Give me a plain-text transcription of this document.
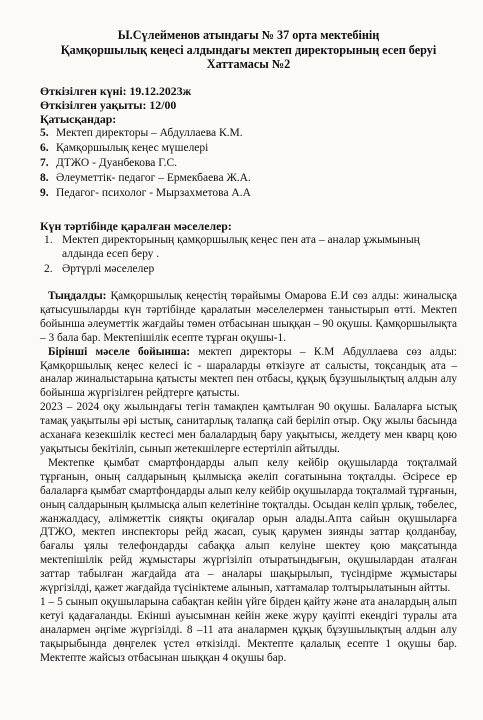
Ы.Сүлейменов атындағы № 37 орта мектебінің
Қамқоршылық кеңесі алдындағы мектеп директорының есеп беруі
Хаттамасы №2
Өткізілген күні: 19.12.2023ж
Өткізілген уақыты: 12/00
Қатысқандар:
5. Мектеп директоры – Абдуллаева К.М.
6. Қамқоршылық кеңес мүшелері
7. ДТЖО - Дуанбекова Г.С.
8. Әлеуметтік- педагог – Ермекбаева Ж.А.
9. Педагог- психолог - Мырзахметова А.А
Күн тәртібінде қаралған мәселелер:
1. Мектеп директорының қамқоршылық кеңес пен ата – аналар ұжымының алдында есеп беру .
2. Әртүрлі мәселелер

Тыңдалды: Қамқоршылық кеңестің төрайымы Омарова Е.И сөз алды: жиналысқа қатысушыларды күн тәртібінде қаралатын мәселелермен таныстырып өтті. Мектеп бойынша әлеуметтік жағдайы төмен отбасынан шыққан – 90 оқушы. Қамқоршылықта – 3 бала бар. Мектепішілік есепте тұрған оқушы-1.

Бірінші мәселе бойынша: мектеп директоры – К.М Абдуллаева сөз алды: Қамқоршылық кеңес келесі іс - шараларды өткізуге ат салысты, тоқсандық ата – аналар жиналыстарына қатысты мектеп пен отбасы, құқық бұзушылықтың алдын алу бойынша жүргізілген рейдтерге қатысты.

2023 – 2024 оқу жылындағы тегін тамақпен қамтылған 90 оқушы. Балаларға ыстық тамақ уақытылы әрі ыстық, санитарлық талапқа сай беріліп отыр. Оқу жылы басында асханаға кезекшілік кестесі мен балалардың бару уақытысы, желдету мен кварц қою уақытысы бекітіліп, сынып жетекшілерге естертіліп айтылды.

Мектепке қымбат смартфондарды алып келу кейбір оқушыларда тоқталмай тұрғанын, оның салдарының қылмысқа әкеліп соғатынына тоқталды. Әсіресе ер балаларға қымбат смартфондарды алып келу кейбір оқушыларда тоқталмай тұрғанын, оның салдарының қылмысқа алып келетініне тоқталды. Осыдан келіп ұрлық, төбелес, жанжалдасу, әлімжеттік сияқты оқиғалар орын алады.Апта сайын оқушыларға ДТЖО, мектеп инспекторы рейд жасап, суық қарумен зиянды заттар қолданбау, бағалы ұялы телефондарды сабаққа алып келуіне шектеу қою мақсатында мектепішілік рейд жұмыстары жүргізіліп отыратындығын, оқушылардан аталған заттар табылған жағдайда ата – аналары шақырылып, түсіндірме жұмыстары жүргізілді, қажет жағдайда түсініктеме алынып, хаттамалар толтырылатынын айтты.

1 – 5 сынып оқушыларына сабақтан кейін үйге бірден қайту және ата аналардың алып кетуі қадағаланды. Екінші ауысымнан кейін жеке жүру қауіпті екендігі туралы ата аналармен әңгіме жүргізілді. 8 –11 ата аналармен құқық бұзушылықтың алдын алу тақырыбында дөңгелек үстел өткізілді. Мектепте қалалық есепте 1 оқушы бар. Мектепте жайсыз отбасынан шыққан 4 оқушы бар.
